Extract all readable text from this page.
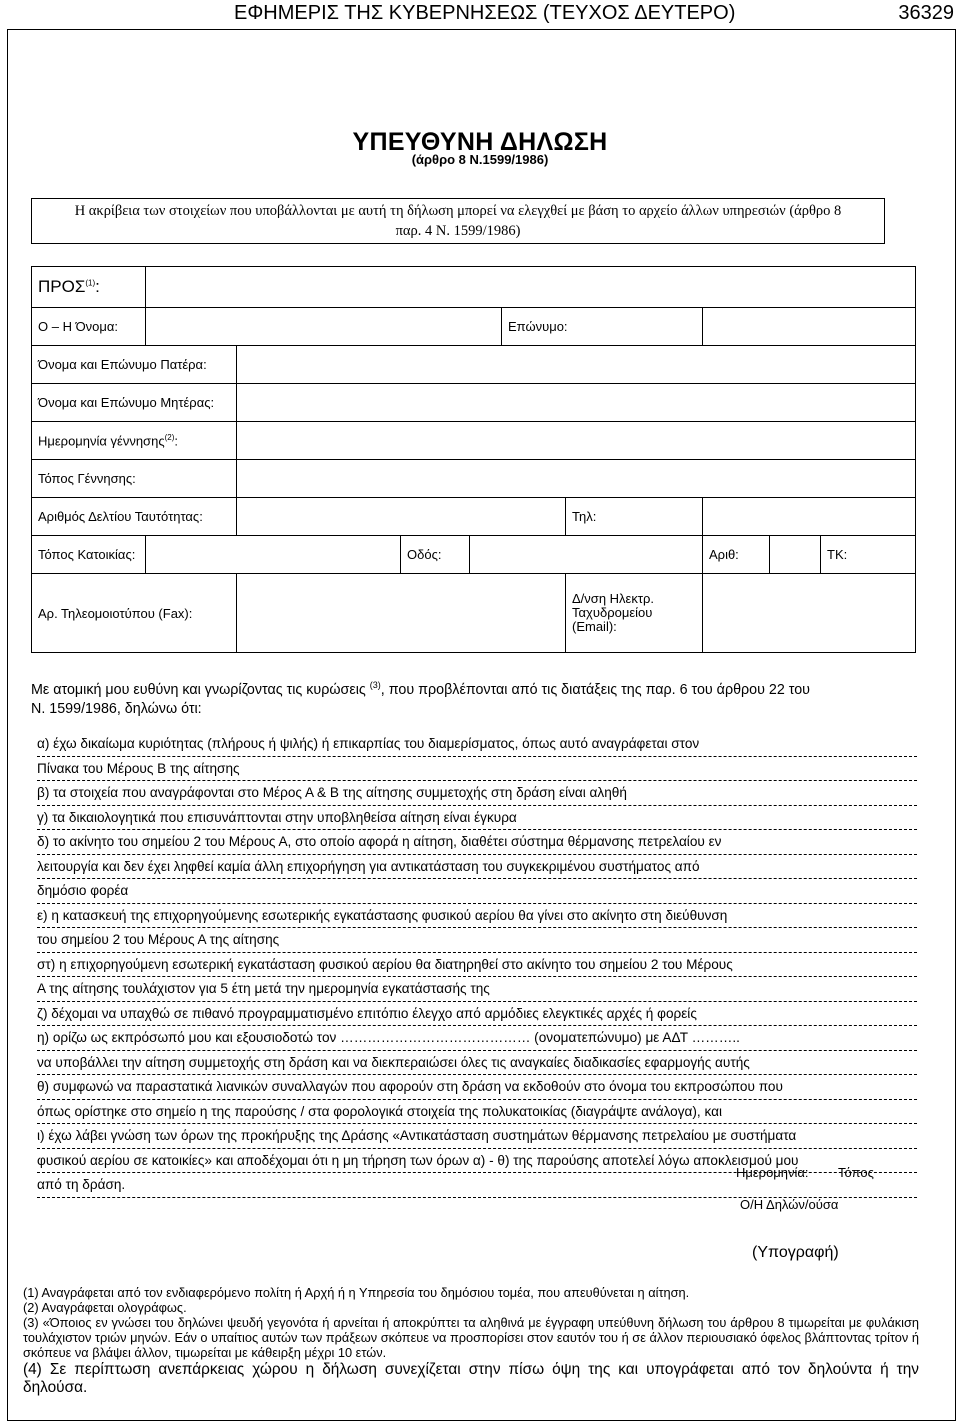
ΕΦΗΜΕΡΙΣ ΤΗΣ ΚΥΒΕΡΝΗΣΕΩΣ (ΤΕΥΧΟΣ ΔΕΥΤΕΡΟ)	36329
ΥΠΕΥΘΥΝΗ ΔΗΛΩΣΗ
(άρθρο 8 Ν.1599/1986)
Η ακρίβεια των στοιχείων που υποβάλλονται με αυτή τη δήλωση μπορεί να ελεγχθεί με βάση το αρχείο άλλων υπηρεσιών (άρθρο 8
παρ. 4 Ν. 1599/1986)
ΠΡΟΣ$^{(1)}$:									
Ο – Η Όνομα:					Επώνυμο:				
Όνομα και Επώνυμο Πατέρα:									
Όνομα και Επώνυμο Μητέρας:									
Ημερομηνία γέννησης$^{(2)}$:									
Τόπος Γέννησης:									
Αριθμός Δελτίου Ταυτότητας:						Τηλ:			
Τόπος Κατοικίας:			Οδός:				Αριθ:		ΤΚ:
Αρ. Τηλεομοιοτύπου (Fax):						Δ/νση Ηλεκτρ.
Ταχυδρομείου
(Email):			

Με ατομική μου ευθύνη και γνωρίζοντας τις κυρώσεις $^{(3)}$, που προβλέπονται από τις διατάξεις της παρ. 6 του άρθρου 22 του
Ν. 1599/1986, δηλώνω ότι:
α) έχω δικαίωμα κυριότητας (πλήρους ή ψιλής) ή επικαρπίας του διαμερίσματος, όπως αυτό αναγράφεται στον
Πίνακα του Μέρους Β της αίτησης
β) τα στοιχεία που αναγράφονται στο Μέρος Α & Β της αίτησης συμμετοχής στη δράση είναι αληθή
γ) τα δικαιολογητικά που επισυνάπτονται στην υποβληθείσα αίτηση είναι έγκυρα
δ) το ακίνητο του σημείου 2 του Μέρους Α, στο οποίο αφορά η αίτηση, διαθέτει σύστημα θέρμανσης πετρελαίου εν
λειτουργία και δεν έχει ληφθεί καμία άλλη επιχορήγηση για αντικατάσταση του συγκεκριμένου συστήματος από
δημόσιο φορέα
ε) η κατασκευή της επιχορηγούμενης εσωτερικής εγκατάστασης φυσικού αερίου θα γίνει στο ακίνητο στη διεύθυνση
του σημείου 2 του Μέρους Α της αίτησης
στ) η επιχορηγούμενη εσωτερική εγκατάσταση φυσικού αερίου θα διατηρηθεί στο ακίνητο του σημείου 2 του Μέρους
Α της αίτησης τουλάχιστον για 5 έτη μετά την ημερομηνία εγκατάστασής της
ζ) δέχομαι να υπαχθώ σε πιθανό προγραμματισμένο επιτόπιο έλεγχο από αρμόδιες ελεγκτικές αρχές ή φορείς
η) ορίζω ως εκπρόσωπό μου και εξουσιοδοτώ τον …………………………………… (ονοματεπώνυμο) με ΑΔΤ ………..
να υποβάλλει την αίτηση συμμετοχής στη δράση και να διεκπεραιώσει όλες τις αναγκαίες διαδικασίες εφαρμογής αυτής
θ) συμφωνώ να παραστατικά λιανικών συναλλαγών που αφορούν στη δράση να εκδοθούν στο όνομα του εκπροσώπου που
όπως ορίστηκε στο σημείο η της παρούσης / στα φορολογικά στοιχεία της πολυκατοικίας (διαγράψτε ανάλογα), και
ι) έχω λάβει γνώση των όρων της προκήρυξης της Δράσης «Αντικατάσταση συστημάτων θέρμανσης πετρελαίου με συστήματα
φυσικού αερίου σε κατοικίες» και αποδέχομαι ότι η μη τήρηση των όρων α) - θ) της παρούσης αποτελεί λόγω αποκλεισμού μου
από τη δράση.
Ημερομηνία: Τόπος
Ο/Η Δηλών/ούσα
(Υπογραφή)
(1) Αναγράφεται από τον ενδιαφερόμενο πολίτη ή Αρχή ή η Υπηρεσία του δημόσιου τομέα, που απευθύνεται η αίτηση.
(2) Αναγράφεται ολογράφως.
(3) «Όποιος εν γνώσει του δηλώνει ψευδή γεγονότα ή αρνείται ή αποκρύπτει τα αληθινά με έγγραφη υπεύθυνη δήλωση του άρθρου 8 τιμωρείται με φυλάκιση τουλάχιστον τριών μηνών. Εάν ο υπαίτιος αυτών των πράξεων σκόπευε να προσπορίσει στον εαυτόν του ή σε άλλον περιουσιακό όφελος βλάπτοντας τρίτον ή σκόπευε να βλάψει άλλον, τιμωρείται με κάθειρξη μέχρι 10 ετών.
(4) Σε περίπτωση ανεπάρκειας χώρου η δήλωση συνεχίζεται στην πίσω όψη της και υπογράφεται από τον δηλούντα ή την δηλούσα.
